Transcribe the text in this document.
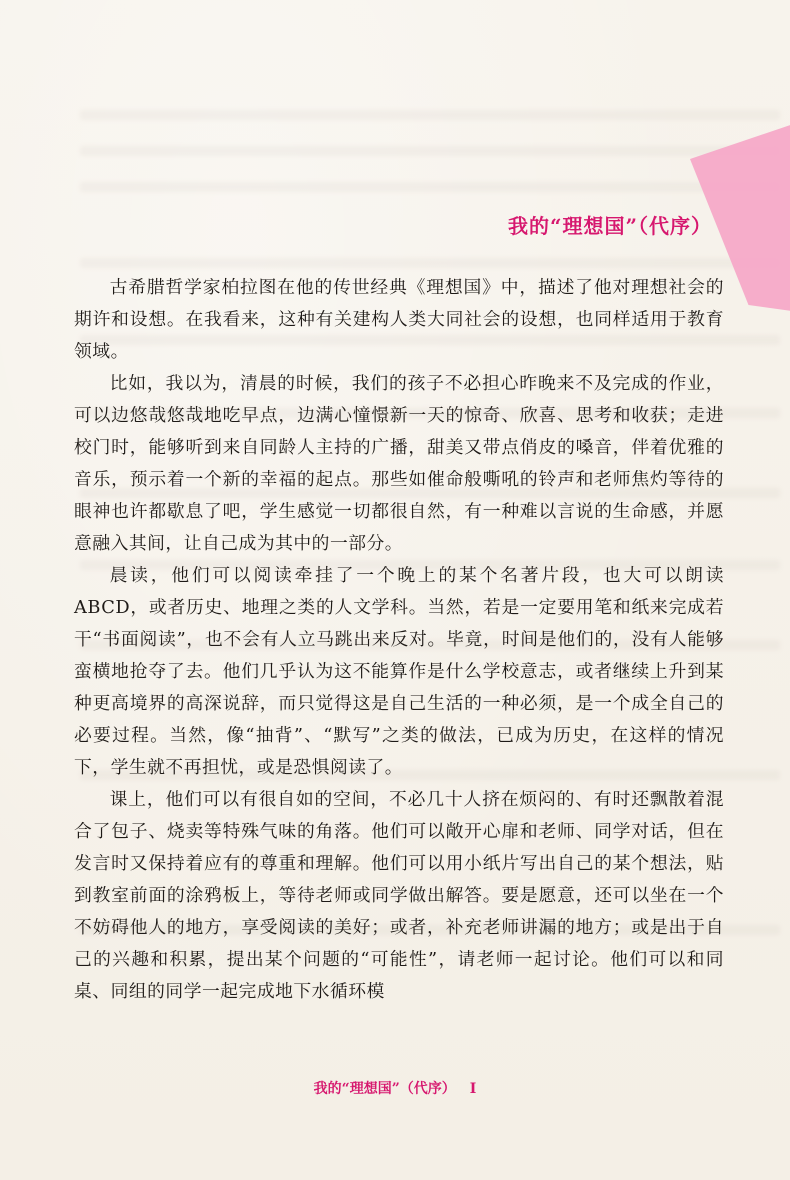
我的“理想国”（代序）

古希腊哲学家柏拉图在他的传世经典《理想国》中，描述了他对理想社会的期许和设想。在我看来，这种有关建构人类大同社会的设想，也同样适用于教育领域。

比如，我以为，清晨的时候，我们的孩子不必担心昨晚来不及完成的作业，可以边悠哉悠哉地吃早点，边满心憧憬新一天的惊奇、欣喜、思考和收获；走进校门时，能够听到来自同龄人主持的广播，甜美又带点俏皮的嗓音，伴着优雅的音乐，预示着一个新的幸福的起点。那些如催命般嘶吼的铃声和老师焦灼等待的眼神也许都歇息了吧，学生感觉一切都很自然，有一种难以言说的生命感，并愿意融入其间，让自己成为其中的一部分。

晨读，他们可以阅读牵挂了一个晚上的某个名著片段，也大可以朗读ABCD，或者历史、地理之类的人文学科。当然，若是一定要用笔和纸来完成若干“书面阅读”，也不会有人立马跳出来反对。毕竟，时间是他们的，没有人能够蛮横地抢夺了去。他们几乎认为这不能算作是什么学校意志，或者继续上升到某种更高境界的高深说辞，而只觉得这是自己生活的一种必须，是一个成全自己的必要过程。当然，像“抽背”、“默写”之类的做法，已成为历史，在这样的情况下，学生就不再担忧，或是恐惧阅读了。

课上，他们可以有很自如的空间，不必几十人挤在烦闷的、有时还飘散着混合了包子、烧卖等特殊气味的角落。他们可以敞开心扉和老师、同学对话，但在发言时又保持着应有的尊重和理解。他们可以用小纸片写出自己的某个想法，贴到教室前面的涂鸦板上，等待老师或同学做出解答。要是愿意，还可以坐在一个不妨碍他人的地方，享受阅读的美好；或者，补充老师讲漏的地方；或是出于自己的兴趣和积累，提出某个问题的“可能性”，请老师一起讨论。他们可以和同桌、同组的同学一起完成地下水循环模

我的“理想国”（代序） I
